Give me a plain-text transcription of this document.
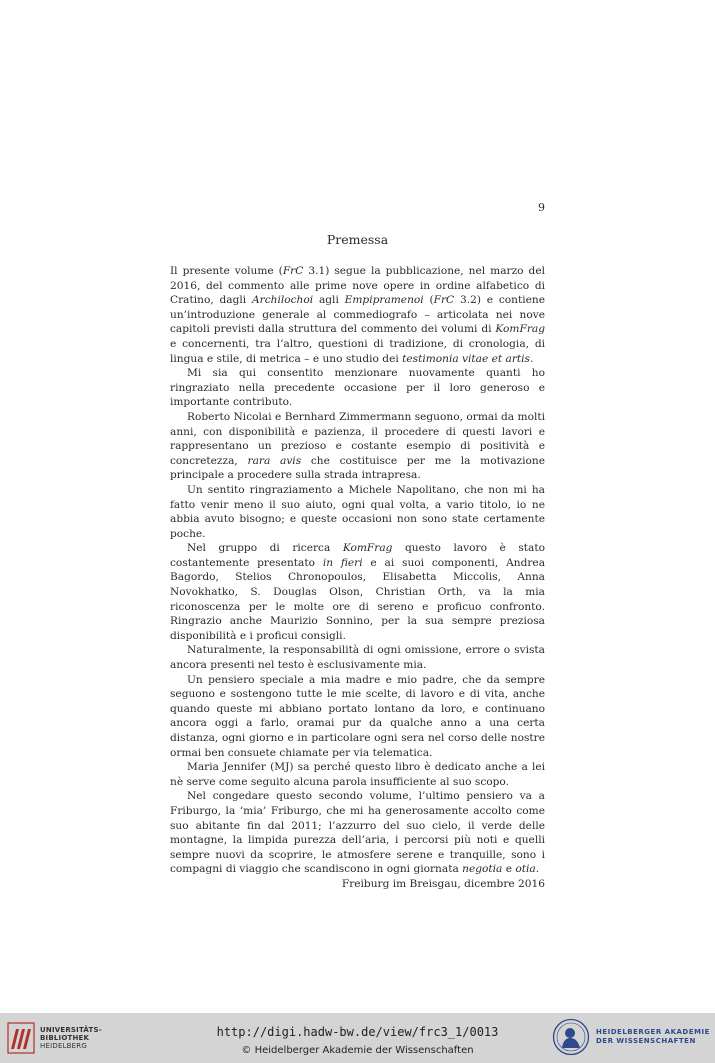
9
Premessa

Il presente volume (FrC 3.1) segue la pubblicazione, nel marzo del 2016, del commento alle prime nove opere in ordine alfabetico di Cratino, dagli Archilochoi agli Empipramenoi (FrC 3.2) e contiene un’introduzione generale al commediografo – articolata nei nove capitoli previsti dalla struttura del commento dei volumi di KomFrag e concernenti, tra l’altro, questioni di tradizione, di cronologia, di lingua e stile, di metrica – e uno studio dei testimonia vitae et artis.

Mi sia qui consentito menzionare nuovamente quanti ho ringraziato nella precedente occasione per il loro generoso e importante contributo.

Roberto Nicolai e Bernhard Zimmermann seguono, ormai da molti anni, con disponibilità e pazienza, il procedere di questi lavori e rappresentano un prezioso e costante esempio di positività e concretezza, rara avis che costituisce per me la motivazione principale a procedere sulla strada intrapresa.

Un sentito ringraziamento a Michele Napolitano, che non mi ha fatto venir meno il suo aiuto, ogni qual volta, a vario titolo, io ne abbia avuto bisogno; e queste occasioni non sono state certamente poche.

Nel gruppo di ricerca KomFrag questo lavoro è stato costantemente presentato in fieri e ai suoi componenti, Andrea Bagordo, Stelios Chronopoulos, Elisabetta Miccolis, Anna Novokhatko, S. Douglas Olson, Christian Orth, va la mia riconoscenza per le molte ore di sereno e proficuo confronto. Ringrazio anche Maurizio Sonnino, per la sua sempre preziosa disponibilità e i proficui consigli.

Naturalmente, la responsabilità di ogni omissione, errore o svista ancora presenti nel testo è esclusivamente mia.

Un pensiero speciale a mia madre e mio padre, che da sempre seguono e sostengono tutte le mie scelte, di lavoro e di vita, anche quando queste mi abbiano portato lontano da loro, e continuano ancora oggi a farlo, oramai pur da qualche anno a una certa distanza, ogni giorno e in particolare ogni sera nel corso delle nostre ormai ben consuete chiamate per via telematica.

Maria Jennifer (MJ) sa perché questo libro è dedicato anche a lei nè serve come seguito alcuna parola insufficiente al suo scopo.

Nel congedare questo secondo volume, l’ultimo pensiero va a Friburgo, la ‘mia’ Friburgo, che mi ha generosamente accolto come suo abitante fin dal 2011; l’azzurro del suo cielo, il verde delle montagne, la limpida purezza dell’aria, i percorsi più noti e quelli sempre nuovi da scoprire, le atmosfere serene e tranquille, sono i compagni di viaggio che scandiscono in ogni giornata negotia e otia.

Freiburg im Breisgau, dicembre 2016

UNIVERSITÄTS-
BIBLIOTHEK
HEIDELBERG
http://digi.hadw-bw.de/view/frc3_1/0013
© Heidelberger Akademie der Wissenschaften
HEIDELBERGER AKADEMIE
DER WISSENSCHAFTEN
